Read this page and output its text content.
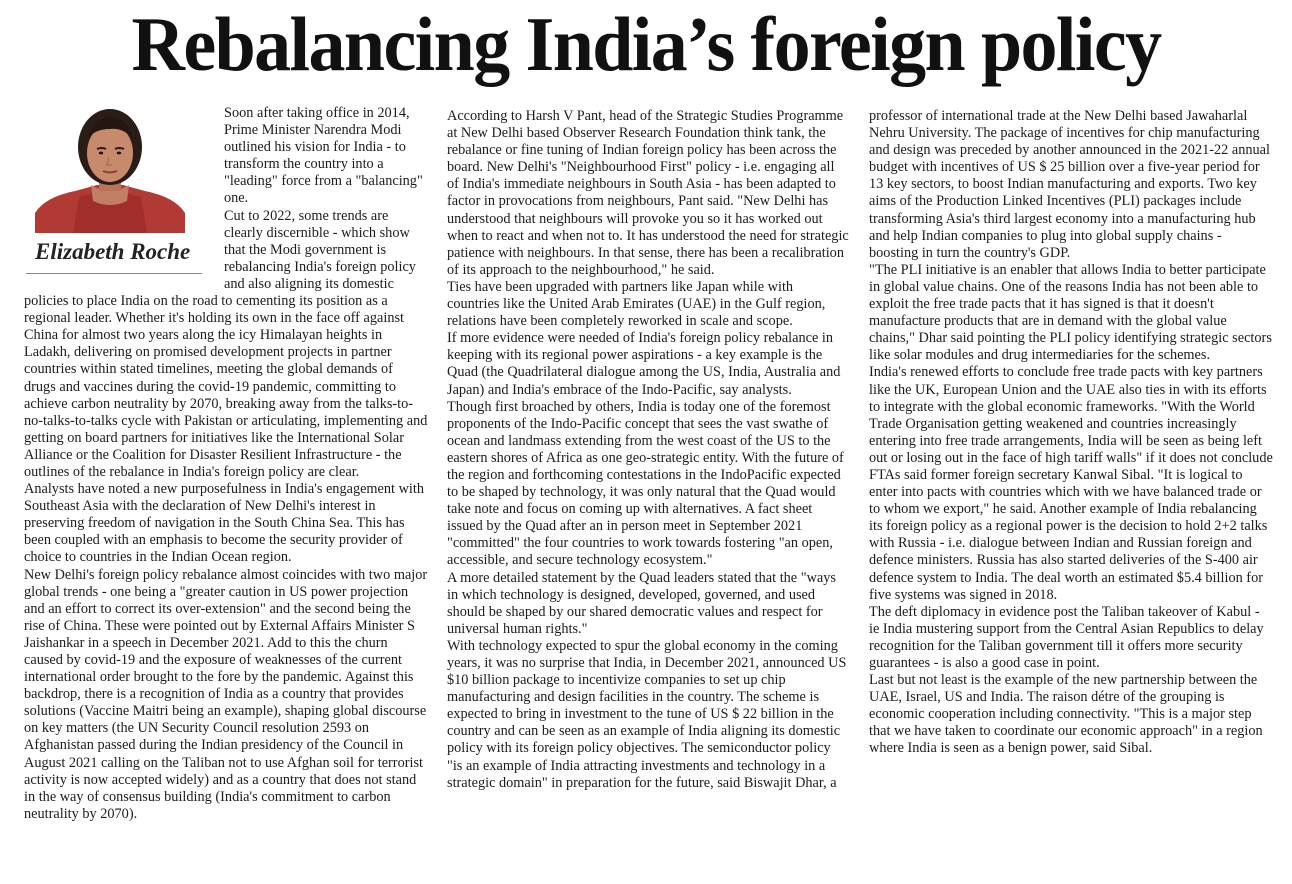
Rebalancing India’s foreign policy
Elizabeth Roche

Soon after taking office in 2014, Prime Minister Narendra Modi outlined his vision for India - to transform the country into a "leading" force from a "balancing" one.

Cut to 2022, some trends are clearly discernible - which show that the Modi government is rebalancing India's foreign policy and also aligning its domestic policies to place India on the road to cementing its position as a regional leader. Whether it's holding its own in the face off against China for almost two years along the icy Himalayan heights in Ladakh, delivering on promised development projects in partner countries within stated timelines, meeting the global demands of drugs and vaccines during the covid-19 pandemic, committing to achieve carbon neutrality by 2070, breaking away from the talks-to-no-talks-to-talks cycle with Pakistan or articulating, implementing and getting on board partners for initiatives like the International Solar Alliance or the Coalition for Disaster Resilient Infrastructure - the outlines of the rebalance in India's foreign policy are clear.

Analysts have noted a new purposefulness in India's engagement with Southeast Asia with the declaration of New Delhi's interest in preserving freedom of navigation in the South China Sea. This has been coupled with an emphasis to become the security provider of choice to countries in the Indian Ocean region.

New Delhi's foreign policy rebalance almost coincides with two major global trends - one being a "greater caution in US power projection and an effort to correct its over-extension" and the second being the rise of China. These were pointed out by External Affairs Minister S Jaishankar in a speech in December 2021. Add to this the churn caused by covid-19 and the exposure of weaknesses of the current international order brought to the fore by the pandemic. Against this backdrop, there is a recognition of India as a country that provides solutions (Vaccine Maitri being an example), shaping global discourse on key matters (the UN Security Council resolution 2593 on Afghanistan passed during the Indian presidency of the Council in August 2021 calling on the Taliban not to use Afghan soil for terrorist activity is now accepted widely) and as a country that does not stand in the way of consensus building (India's commitment to carbon neutrality by 2070).

According to Harsh V Pant, head of the Strategic Studies Programme at New Delhi based Observer Research Foundation think tank, the rebalance or fine tuning of Indian foreign policy has been across the board. New Delhi's "Neighbourhood First" policy - i.e. engaging all of India's immediate neighbours in South Asia - has been adapted to factor in provocations from neighbours, Pant said. "New Delhi has understood that neighbours will provoke you so it has worked out when to react and when not to. It has understood the need for strategic patience with neighbours. In that sense, there has been a recalibration of its approach to the neighbourhood," he said.

Ties have been upgraded with partners like Japan while with countries like the United Arab Emirates (UAE) in the Gulf region, relations have been completely reworked in scale and scope.

If more evidence were needed of India's foreign policy rebalance in keeping with its regional power aspirations - a key example is the Quad (the Quadrilateral dialogue among the US, India, Australia and Japan) and India's embrace of the Indo-Pacific, say analysts.

Though first broached by others, India is today one of the foremost proponents of the Indo-Pacific concept that sees the vast swathe of ocean and landmass extending from the west coast of the US to the eastern shores of Africa as one geo-strategic entity. With the future of the region and forthcoming contestations in the IndoPacific expected to be shaped by technology, it was only natural that the Quad would take note and focus on coming up with alternatives. A fact sheet issued by the Quad after an in person meet in September 2021 "committed" the four countries to work towards fostering "an open, accessible, and secure technology ecosystem."

A more detailed statement by the Quad leaders stated that the "ways in which technology is designed, developed, governed, and used should be shaped by our shared democratic values and respect for universal human rights."

With technology expected to spur the global economy in the coming years, it was no surprise that India, in December 2021, announced US $10 billion package to incentivize companies to set up chip manufacturing and design facilities in the country. The scheme is expected to bring in investment to the tune of US $ 22 billion in the country and can be seen as an example of India aligning its domestic policy with its foreign policy objectives. The semiconductor policy "is an example of India attracting investments and technology in a strategic domain" in preparation for the future, said Biswajit Dhar, a

professor of international trade at the New Delhi based Jawaharlal Nehru University. The package of incentives for chip manufacturing and design was preceded by another announced in the 2021-22 annual budget with incentives of US $ 25 billion over a five-year period for 13 key sectors, to boost Indian manufacturing and exports. Two key aims of the Production Linked Incentives (PLI) packages include transforming Asia's third largest economy into a manufacturing hub and help Indian companies to plug into global supply chains - boosting in turn the country's GDP.

"The PLI initiative is an enabler that allows India to better participate in global value chains. One of the reasons India has not been able to exploit the free trade pacts that it has signed is that it doesn't manufacture products that are in demand with the global value chains," Dhar said pointing the PLI policy identifying strategic sectors like solar modules and drug intermediaries for the schemes.

India's renewed efforts to conclude free trade pacts with key partners like the UK, European Union and the UAE also ties in with its efforts to integrate with the global economic frameworks. "With the World Trade Organisation getting weakened and countries increasingly entering into free trade arrangements, India will be seen as being left out or losing out in the face of high tariff walls" if it does not conclude FTAs said former foreign secretary Kanwal Sibal. "It is logical to enter into pacts with countries which with we have balanced trade or to whom we export," he said. Another example of India rebalancing its foreign policy as a regional power is the decision to hold 2+2 talks with Russia - i.e. dialogue between Indian and Russian foreign and defence ministers. Russia has also started deliveries of the S-400 air defence system to India. The deal worth an estimated $5.4 billion for five systems was signed in 2018.

The deft diplomacy in evidence post the Taliban takeover of Kabul - ie India mustering support from the Central Asian Republics to delay recognition for the Taliban government till it offers more security guarantees - is also a good case in point.

Last but not least is the example of the new partnership between the UAE, Israel, US and India. The raison détre of the grouping is economic cooperation including connectivity. "This is a major step that we have taken to coordinate our economic approach" in a region where India is seen as a benign power, said Sibal.
